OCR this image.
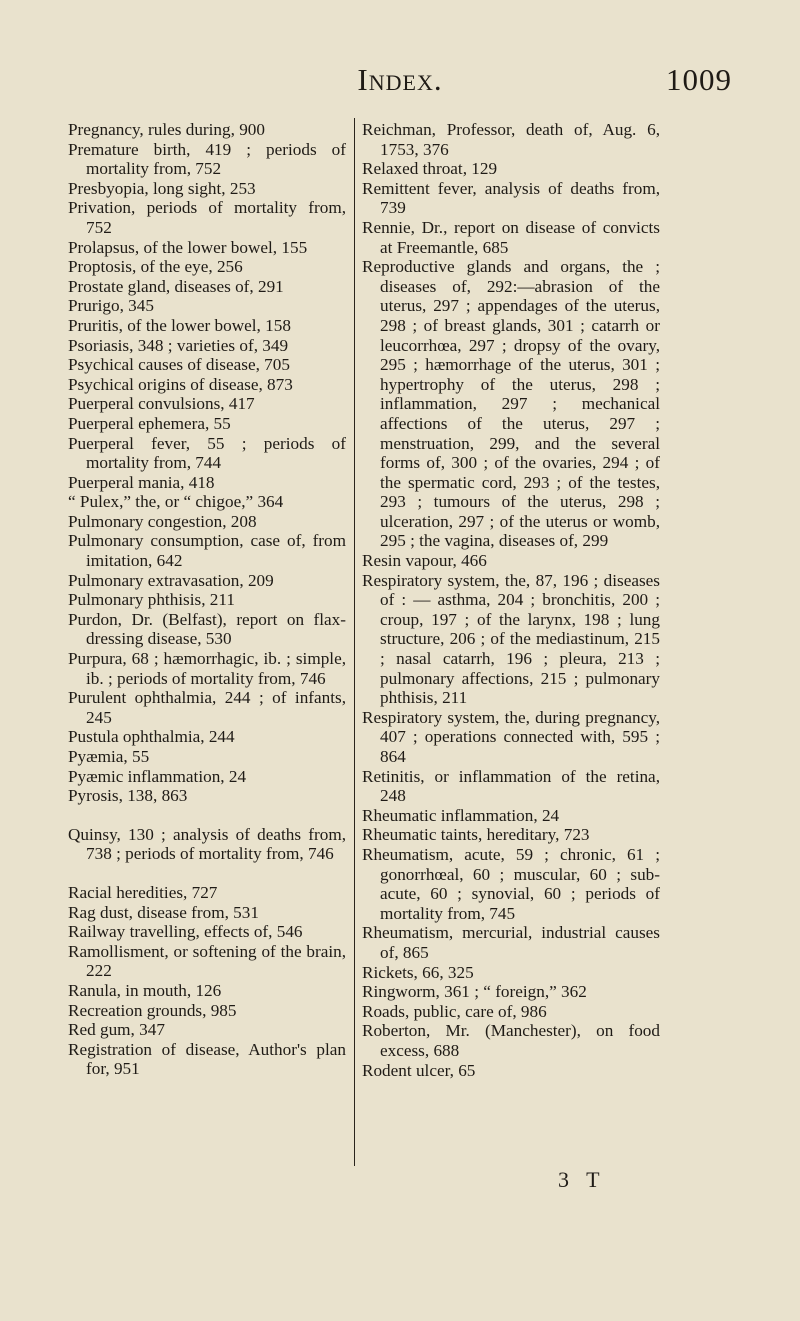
Index.	1009

Pregnancy, rules during, 900

Premature birth, 419 ; periods of mortality from, 752

Presbyopia, long sight, 253

Privation, periods of mortality from, 752

Prolapsus, of the lower bowel, 155

Proptosis, of the eye, 256

Prostate gland, diseases of, 291

Prurigo, 345

Pruritis, of the lower bowel, 158

Psoriasis, 348 ; varieties of, 349

Psychical causes of disease, 705

Psychical origins of disease, 873

Puerperal convulsions, 417

Puerperal ephemera, 55

Puerperal fever, 55 ; periods of mortality from, 744

Puerperal mania, 418

“ Pulex,” the, or “ chigoe,” 364

Pulmonary congestion, 208

Pulmonary consumption, case of, from imitation, 642

Pulmonary extravasation, 209

Pulmonary phthisis, 211

Purdon, Dr. (Belfast), report on flax-dressing disease, 530

Purpura, 68 ; hæmorrhagic, ib. ; simple, ib. ; periods of mortality from, 746

Purulent ophthalmia, 244 ; of infants, 245

Pustula ophthalmia, 244

Pyæmia, 55

Pyæmic inflammation, 24

Pyrosis, 138, 863

Quinsy, 130 ; analysis of deaths from, 738 ; periods of mortality from, 746

Racial heredities, 727

Rag dust, disease from, 531

Railway travelling, effects of, 546

Ramollisment, or softening of the brain, 222

Ranula, in mouth, 126

Recreation grounds, 985

Red gum, 347

Registration of disease, Author's plan for, 951

Reichman, Professor, death of, Aug. 6, 1753, 376

Relaxed throat, 129

Remittent fever, analysis of deaths from, 739

Rennie, Dr., report on disease of convicts at Freemantle, 685

Reproductive glands and organs, the ; diseases of, 292:—abrasion of the uterus, 297 ; appendages of the uterus, 298 ; of breast glands, 301 ; catarrh or leucorrhœa, 297 ; dropsy of the ovary, 295 ; hæmorrhage of the uterus, 301 ; hypertrophy of the uterus, 298 ; inflammation, 297 ; mechanical affections of the uterus, 297 ; menstruation, 299, and the several forms of, 300 ; of the ovaries, 294 ; of the spermatic cord, 293 ; of the testes, 293 ; tumours of the uterus, 298 ; ulceration, 297 ; of the uterus or womb, 295 ; the vagina, diseases of, 299

Resin vapour, 466

Respiratory system, the, 87, 196 ; diseases of : — asthma, 204 ; bronchitis, 200 ; croup, 197 ; of the larynx, 198 ; lung structure, 206 ; of the mediastinum, 215 ; nasal catarrh, 196 ; pleura, 213 ; pulmonary affections, 215 ; pulmonary phthisis, 211

Respiratory system, the, during pregnancy, 407 ; operations connected with, 595 ; 864

Retinitis, or inflammation of the retina, 248

Rheumatic inflammation, 24

Rheumatic taints, hereditary, 723

Rheumatism, acute, 59 ; chronic, 61 ; gonorrhœal, 60 ; muscular, 60 ; sub-acute, 60 ; synovial, 60 ; periods of mortality from, 745

Rheumatism, mercurial, industrial causes of, 865

Rickets, 66, 325

Ringworm, 361 ; “ foreign,” 362

Roads, public, care of, 986

Roberton, Mr. (Manchester), on food excess, 688

Rodent ulcer, 65

3 T
